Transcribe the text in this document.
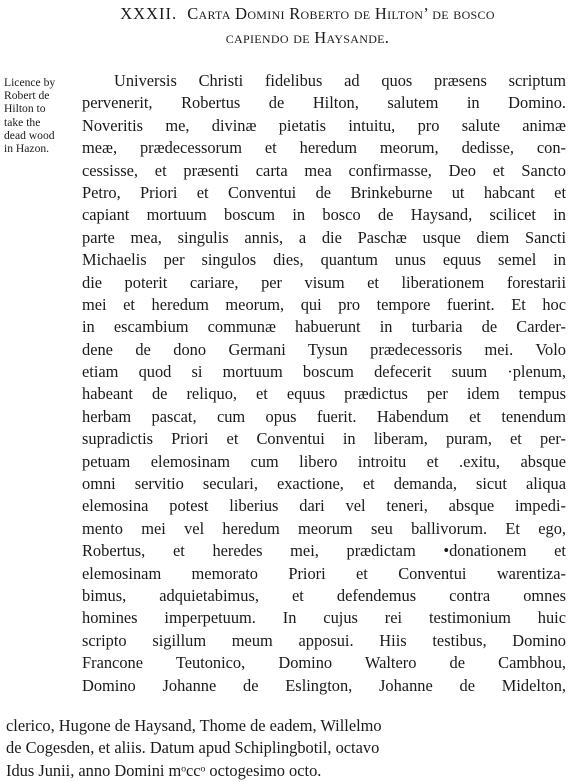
XXXII. Carta Domini Roberto de Hilton’ de bosco
capiendo de Haysande.
Licence by
Robert de
Hilton to
take the
dead wood
in Hazon.
Universis Christi fidelibus ad quos præsens scriptum
pervenerit, Robertus de Hilton, salutem in Domino.
Noveritis me, divinæ pietatis intuitu, pro salute animæ
meæ, prædecessorum et heredum meorum, dedisse, con-
cessisse, et præsenti carta mea confirmasse, Deo et Sancto
Petro, Priori et Conventui de Brinkeburne ut habcant et
capiant mortuum boscum in bosco de Haysand, scilicet in
parte mea, singulis annis, a die Paschæ usque diem Sancti
Michaelis per singulos dies, quantum unus equus semel in
die poterit cariare, per visum et liberationem forestarii
mei et heredum meorum, qui pro tempore fuerint. Et hoc
in escambium communæ habuerunt in turbaria de Carder-
dene de dono Germani Tysun prædecessoris mei. Volo
etiam quod si mortuum boscum defecerit suum ·plenum,
habeant de reliquo, et equus prædictus per idem tempus
herbam pascat, cum opus fuerit. Habendum et tenendum
supradictis Priori et Conventui in liberam, puram, et per-
petuam elemosinam cum libero introitu et .exitu, absque
omni servitio seculari, exactione, et demanda, sicut aliqua
elemosina potest liberius dari vel teneri, absque impedi-
mento mei vel heredum meorum seu ballivorum. Et ego,
Robertus, et heredes mei, prædictam •donationem et
elemosinam memorato Priori et Conventui warentiza-
bimus, adquietabimus, et defendemus contra omnes
homines imperpetuum. In cujus rei testimonium huic
scripto sigillum meum apposui. Hiis testibus, Domino
Francone Teutonico, Domino Waltero de Cambhou,
Domino Johanne de Eslington, Johanne de Midelton,
clerico, Hugone de Haysand, Thome de eadem, Willelmo
de Cogesden, et aliis. Datum apud Schiplingbotil, octavo
Idus Junii, anno Domini mᵒccᵒ octogesimo octo.
